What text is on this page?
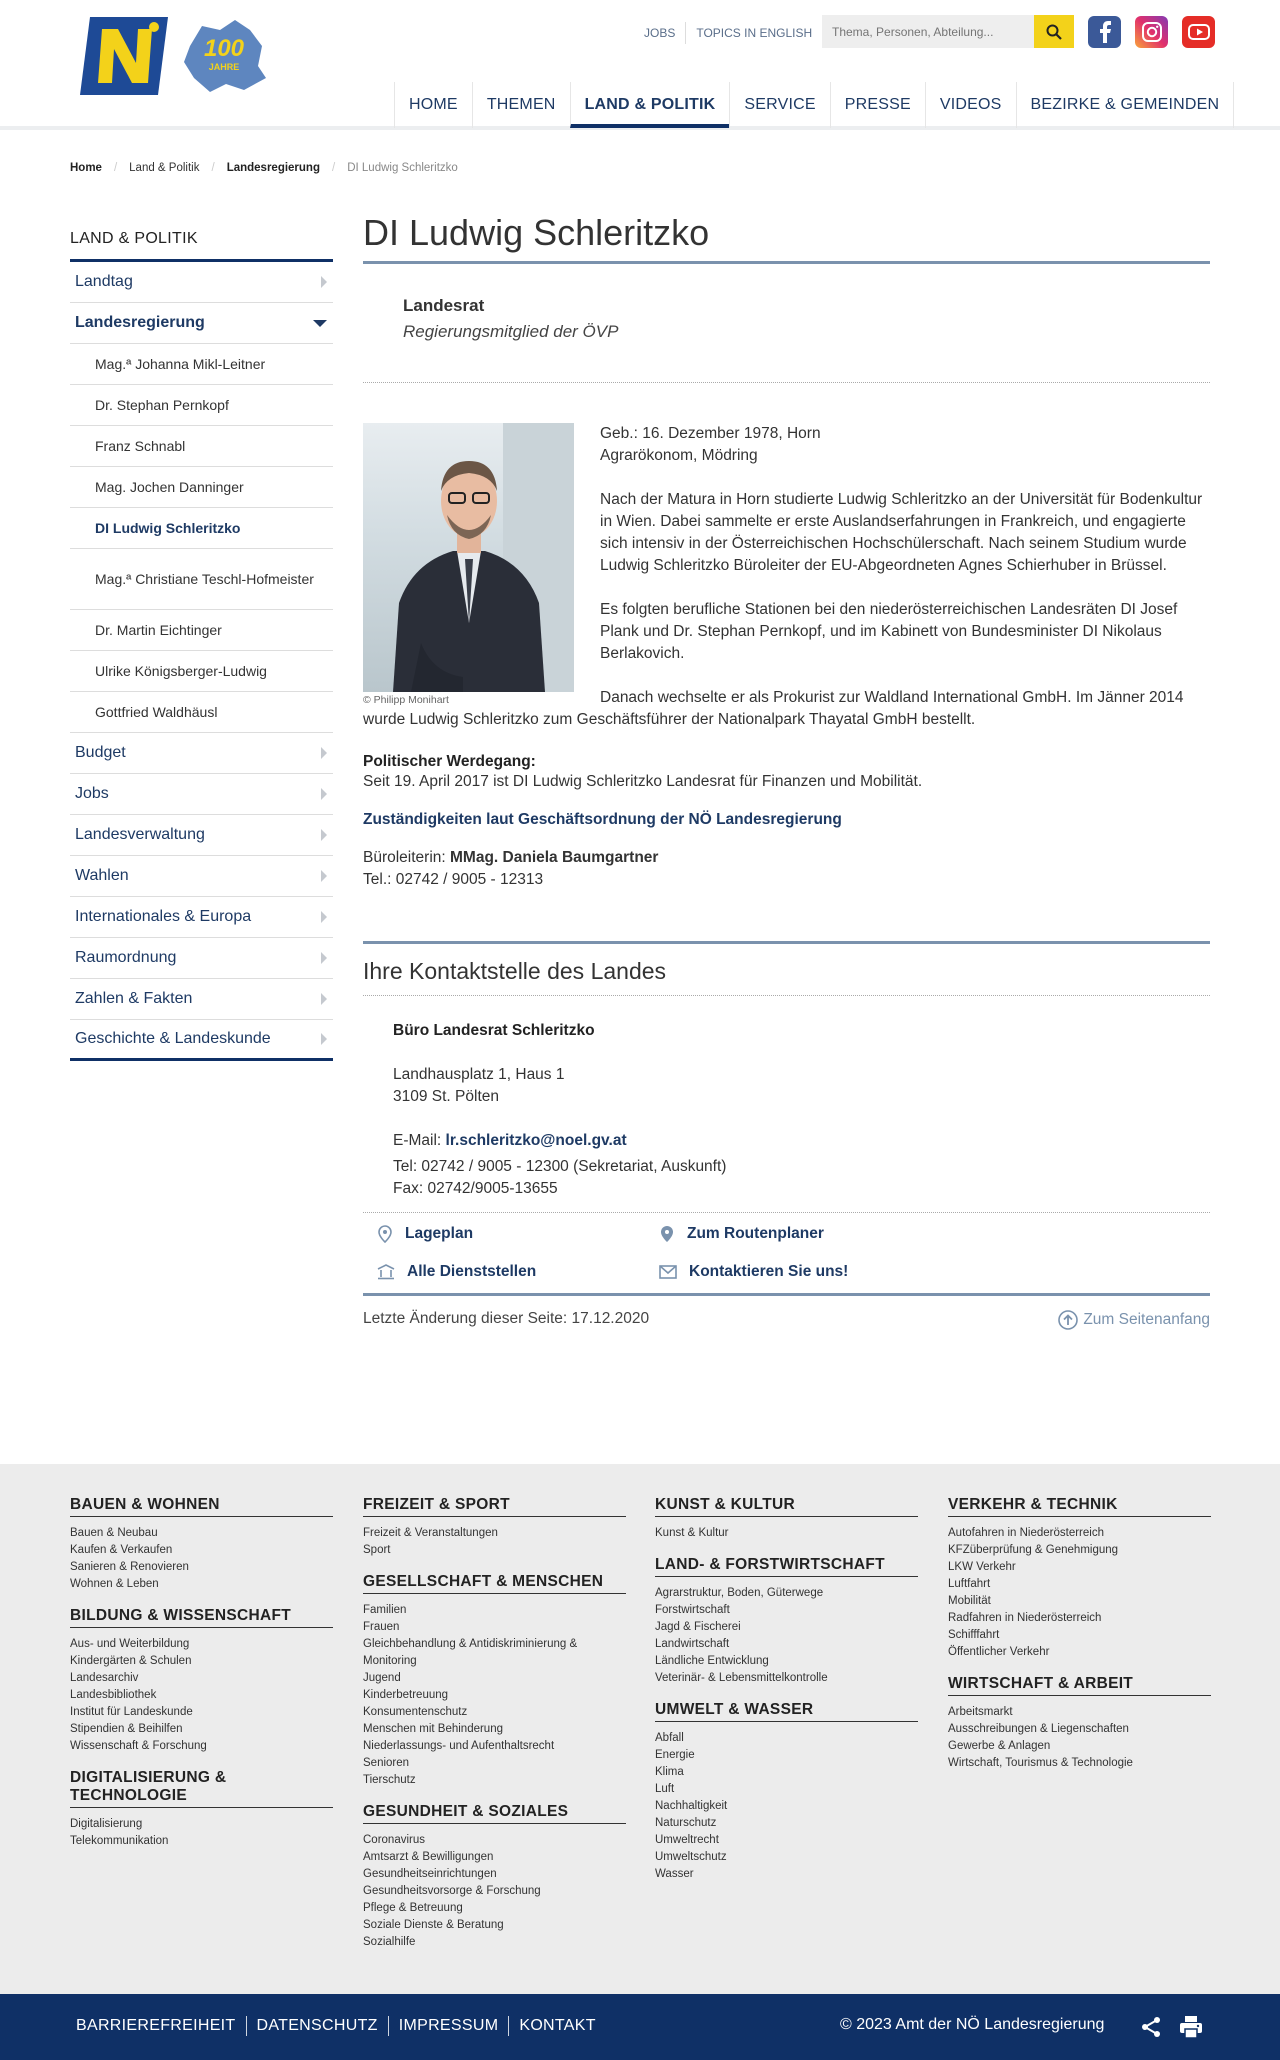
100
JAHRE
JOBS	TOPICS IN ENGLISH
Thema, Personen, Abteilung...
HOME	THEMEN	LAND & POLITIK	SERVICE	PRESSE	VIDEOS	BEZIRKE & GEMEINDEN
Home / Land & Politik / Landesregierung / DI Ludwig Schleritzko
LAND & POLITIK
Landtag
Landesregierung
Mag.ª Johanna Mikl-Leitner
Dr. Stephan Pernkopf
Franz Schnabl
Mag. Jochen Danninger
DI Ludwig Schleritzko
Mag.ª Christiane Teschl-Hofmeister
Dr. Martin Eichtinger
Ulrike Königsberger-Ludwig
Gottfried Waldhäusl
Budget
Jobs
Landesverwaltung
Wahlen
Internationales & Europa
Raumordnung
Zahlen & Fakten
Geschichte & Landeskunde
DI Ludwig Schleritzko
Landesrat
Regierungsmitglied der ÖVP
© Philipp Monihart

Geb.: 16. Dezember 1978, Horn
Agrarökonom, Mödring

Nach der Matura in Horn studierte Ludwig Schleritzko an der Universität für Bodenkultur in Wien. Dabei sammelte er erste Auslandserfahrungen in Frankreich, und engagierte sich intensiv in der Österreichischen Hochschülerschaft. Nach seinem Studium wurde Ludwig Schleritzko Büroleiter der EU-Abgeordneten Agnes Schierhuber in Brüssel.

Es folgten berufliche Stationen bei den niederösterreichischen Landesräten DI Josef Plank und Dr. Stephan Pernkopf, und im Kabinett von Bundesminister DI Nikolaus Berlakovich.

Danach wechselte er als Prokurist zur Waldland International GmbH. Im Jänner 2014 wurde Ludwig Schleritzko zum Geschäftsführer der Nationalpark Thayatal GmbH bestellt.

Politischer Werdegang:
Seit 19. April 2017 ist DI Ludwig Schleritzko Landesrat für Finanzen und Mobilität.
Zuständigkeiten laut Geschäftsordnung der NÖ Landesregierung
Büroleiterin: MMag. Daniela Baumgartner
Tel.: 02742 / 9005 - 12313
Ihre Kontaktstelle des Landes
Büro Landesrat Schleritzko
Landhausplatz 1, Haus 1
3109 St. Pölten
E-Mail: lr.schleritzko@noel.gv.at
Tel: 02742 / 9005 - 12300 (Sekretariat, Auskunft)
Fax: 02742/9005-13655
Lageplan	Zum Routenplaner
Alle Dienststellen	Kontaktieren Sie uns!
Letzte Änderung dieser Seite: 17.12.2020	Zum Seitenanfang
BAUEN & WOHNEN
Bauen & Neubau
Kaufen & Verkaufen
Sanieren & Renovieren
Wohnen & Leben
BILDUNG & WISSENSCHAFT
Aus- und Weiterbildung
Kindergärten & Schulen
Landesarchiv
Landesbibliothek
Institut für Landeskunde
Stipendien & Beihilfen
Wissenschaft & Forschung
DIGITALISIERUNG & TECHNOLOGIE
Digitalisierung
Telekommunikation
FREIZEIT & SPORT
Freizeit & Veranstaltungen
Sport
GESELLSCHAFT & MENSCHEN
Familien
Frauen
Gleichbehandlung & Antidiskriminierung & Monitoring
Jugend
Kinderbetreuung
Konsumentenschutz
Menschen mit Behinderung
Niederlassungs- und Aufenthaltsrecht
Senioren
Tierschutz
GESUNDHEIT & SOZIALES
Coronavirus
Amtsarzt & Bewilligungen
Gesundheitseinrichtungen
Gesundheitsvorsorge & Forschung
Pflege & Betreuung
Soziale Dienste & Beratung
Sozialhilfe
KUNST & KULTUR
Kunst & Kultur
LAND- & FORSTWIRTSCHAFT
Agrarstruktur, Boden, Güterwege
Forstwirtschaft
Jagd & Fischerei
Landwirtschaft
Ländliche Entwicklung
Veterinär- & Lebensmittelkontrolle
UMWELT & WASSER
Abfall
Energie
Klima
Luft
Nachhaltigkeit
Naturschutz
Umweltrecht
Umweltschutz
Wasser
VERKEHR & TECHNIK
Autofahren in Niederösterreich
KFZüberprüfung & Genehmigung
LKW Verkehr
Luftfahrt
Mobilität
Radfahren in Niederösterreich
Schifffahrt
Öffentlicher Verkehr
WIRTSCHAFT & ARBEIT
Arbeitsmarkt
Ausschreibungen & Liegenschaften
Gewerbe & Anlagen
Wirtschaft, Tourismus & Technologie
BARRIEREFREIHEIT	DATENSCHUTZ	IMPRESSUM	KONTAKT	© 2023 Amt der NÖ Landesregierung
